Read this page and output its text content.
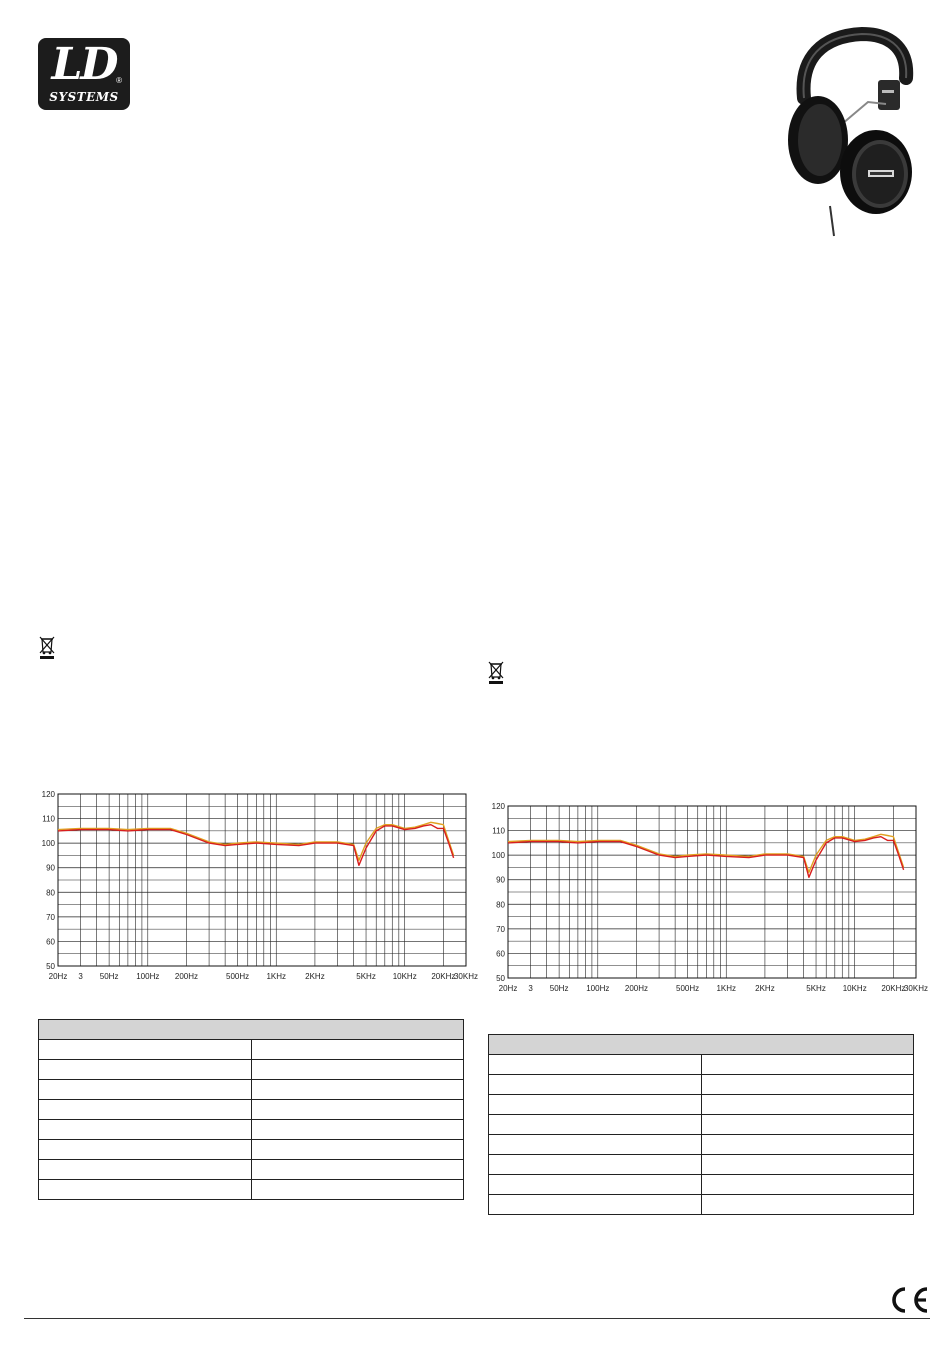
LD ®
SYSTEMS
120
110
100
90
80
70
60
50
20Hz 3 50Hz 100Hz 200Hz	500Hz 1KHz 2KHz	5KHz 10KHz 20KHz
30KHz
120
110
100
90
80
70
60
50
20Hz 3 50Hz 100Hz 200Hz	500Hz 1KHz 2KHz	5KHz 10KHz 20KHz
30KHz
